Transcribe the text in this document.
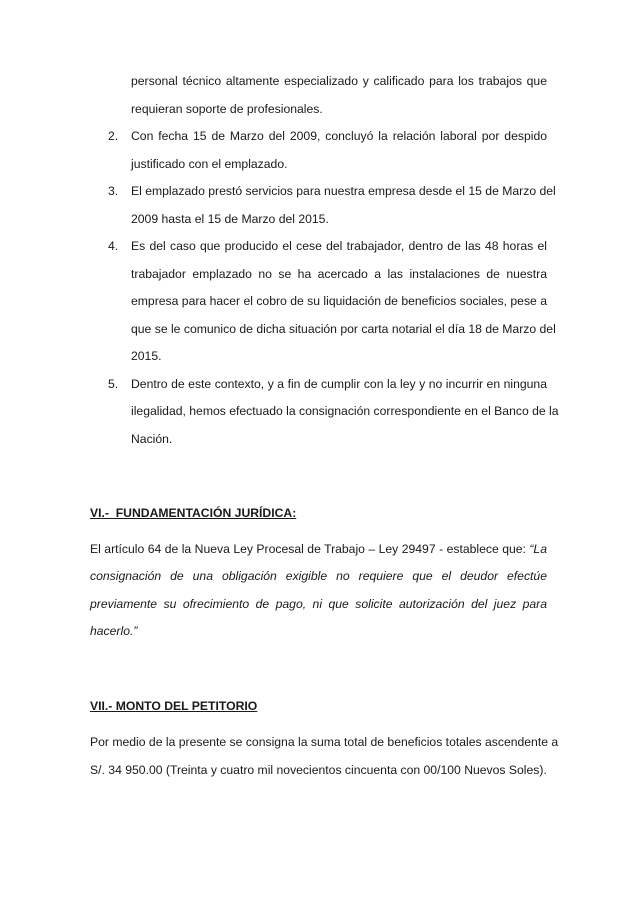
personal técnico altamente especializado y calificado para los trabajos que
requieran soporte de profesionales.
2. Con fecha 15 de Marzo del 2009, concluyó la relación laboral por despido
justificado con el emplazado.
3. El emplazado prestó servicios para nuestra empresa desde el 15 de Marzo del
2009 hasta el 15 de Marzo del 2015.
4. Es del caso que producido el cese del trabajador, dentro de las 48 horas el
trabajador emplazado no se ha acercado a las instalaciones de nuestra
empresa para hacer el cobro de su liquidación de beneficios sociales, pese a
que se le comunico de dicha situación por carta notarial el día 18 de Marzo del
2015.
5. Dentro de este contexto, y a fin de cumplir con la ley y no incurrir en ninguna
ilegalidad, hemos efectuado la consignación correspondiente en el Banco de la
Nación.
VI.-  FUNDAMENTACIÓN JURÍDICA:
El artículo 64 de la Nueva Ley Procesal de Trabajo – Ley 29497 - establece que: “La
consignación de una obligación exigible no requiere que el deudor efectúe
previamente su ofrecimiento de pago, ni que solicite autorización del juez para
hacerlo.”
VII.- MONTO DEL PETITORIO
Por medio de la presente se consigna la suma total de beneficios totales ascendente a
S/. 34 950.00 (Treinta y cuatro mil novecientos cincuenta con 00/100 Nuevos Soles).
